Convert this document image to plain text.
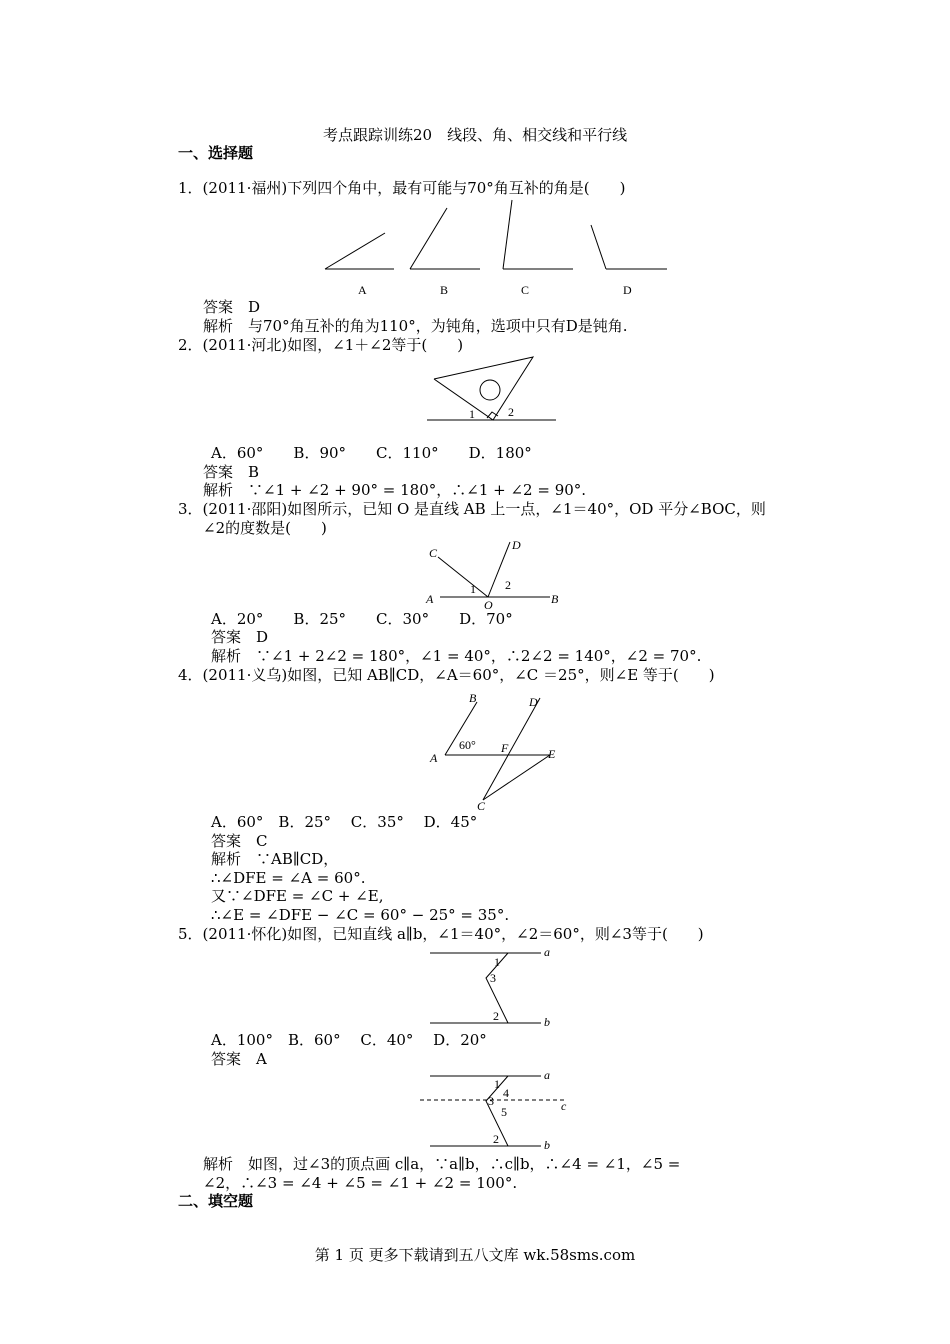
考点跟踪训练20　线段、角、相交线和平行线
一、选择题
1．(2011·福州)下列四个角中，最有可能与70°角互补的角是(　　)
A	B	C	D
答案　D
解析　与70°角互补的角为110°，为钝角，选项中只有D是钝角.
2．(2011·河北)如图，∠1＋∠2等于(　　)
1	2
A．60°　　B．90°　　C．110°　　D．180°
答案　B
解析　∵∠1 + ∠2 + 90° = 180°，∴∠1 + ∠2 = 90°.
3．(2011·邵阳)如图所示，已知 O 是直线 AB 上一点，∠1＝40°，OD 平分∠BOC，则
∠2的度数是(　　)
C
D
A
1 2
O	B
A．20°　　B．25°　　C．30°　　D．70°
答案　D
解析　∵∠1 + 2∠2 = 180°，∠1 = 40°，∴2∠2 = 140°，∠2 = 70°.
4．(2011·义乌)如图，已知 AB∥CD，∠A＝60°，∠C ＝25°，则∠E 等于(　　)
B	D
60° F	E
A
C
A．60°　B．25°　 C．35°　 D．45°
答案　C
解析　∵AB∥CD，
∴∠DFE = ∠A = 60°.
又∵∠DFE = ∠C + ∠E,
∴∠E = ∠DFE − ∠C = 60° − 25° = 35°.
5．(2011·怀化)如图，已知直线 a∥b，∠1＝40°，∠2＝60°，则∠3等于(　　)
a
1
3
2	b
A．100°　B．60°　 C．40°　 D．20°
答案　A
a
1
4
3	c
5
2	b
解析　如图，过∠3的顶点画 c∥a，∵a∥b，∴c∥b，∴∠4 = ∠1，∠5 =
∠2，∴∠3 = ∠4 + ∠5 = ∠1 + ∠2 = 100°.
二、填空题
第 1 页 更多下载请到五八文库 wk.58sms.com
